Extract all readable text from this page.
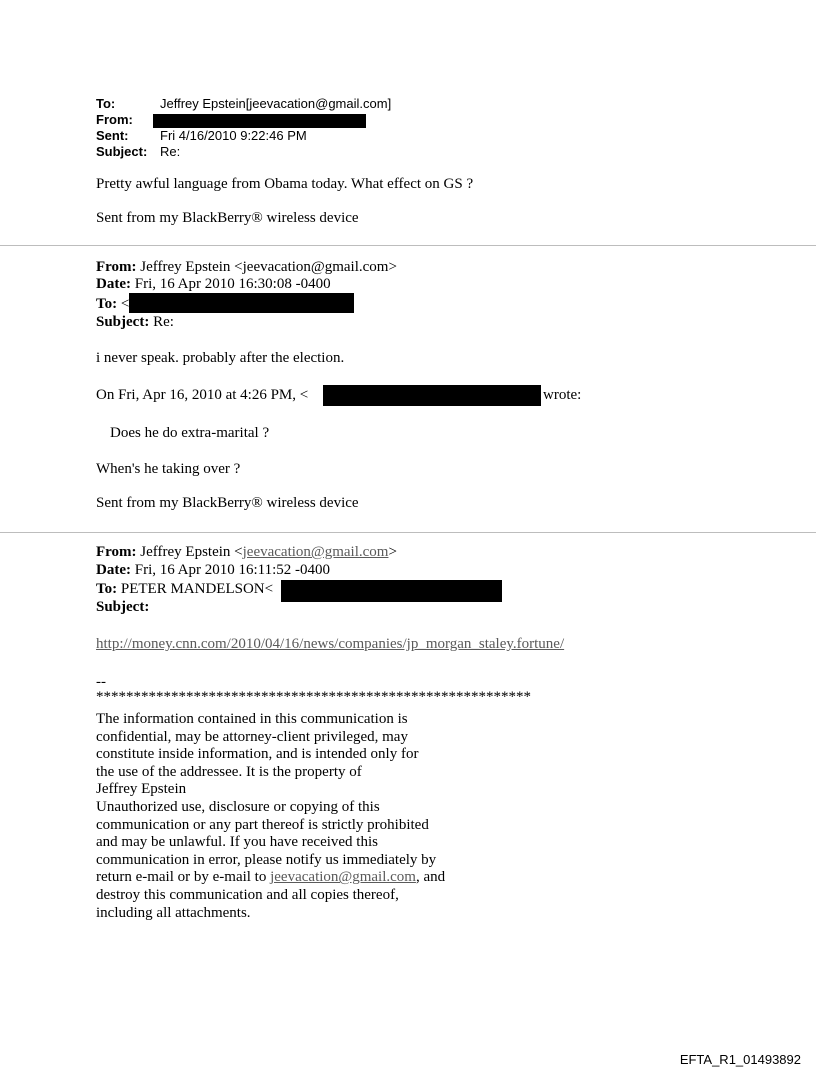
To:	Jeffrey Epstein[jeevacation@gmail.com]
From:
Sent: Fri 4/16/2010 9:22:46 PM
Subject: Re:
Pretty awful language from Obama today. What effect on GS ?
Sent from my BlackBerry® wireless device
From: Jeffrey Epstein <jeevacation@gmail.com>
Date: Fri, 16 Apr 2010 16:30:08 -0400
To: <
Subject: Re:
i never speak. probably after the election.
On Fri, Apr 16, 2010 at 4:26 PM, <	wrote:
Does he do extra-marital ?
When's he taking over ?
Sent from my BlackBerry® wireless device
From: Jeffrey Epstein <jeevacation@gmail.com>
Date: Fri, 16 Apr 2010 16:11:52 -0400
To: PETER MANDELSON<
Subject:
http://money.cnn.com/2010/04/16/news/companies/jp_morgan_staley.fortune/
--
**********************************************************
The information contained in this communication is
confidential, may be attorney-client privileged, may
constitute inside information, and is intended only for
the use of the addressee. It is the property of
Jeffrey Epstein
Unauthorized use, disclosure or copying of this
communication or any part thereof is strictly prohibited
and may be unlawful. If you have received this
communication in error, please notify us immediately by
return e-mail or by e-mail to jeevacation@gmail.com, and
destroy this communication and all copies thereof,
including all attachments.
EFTA_R1_01493892
